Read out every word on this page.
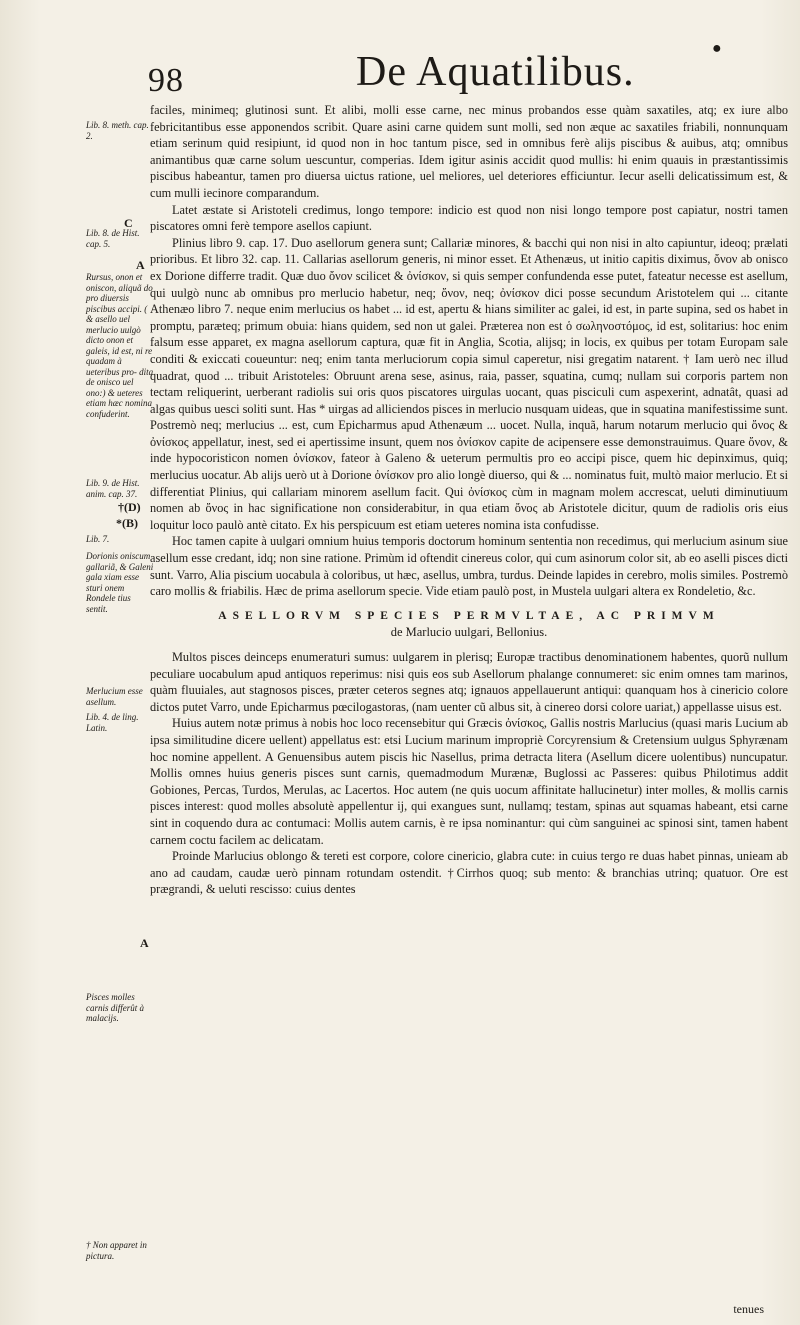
98	De Aquatilibus.
●
Lib. 8. meth. cap. 2.
Lib. 8. de Hist. cap. 5.
Rursus, onon et oniscon, aliquã do pro diuersis piscibus accipi. ( & asello uel merlucio uulgò dicto onon et galeis, id est, ni re quadam à ueteribus pro- dita de onisco uel ono:) & ueteres etiam hæc nomina confuderint.
Lib. 9. de Hist. anim. cap. 37.
Lib. 7.
Dorionis oniscum gallariã, & Galeni gala xiam esse sturi onem Rondele tius sentit.
Merlucium esse asellum.
Lib. 4. de ling. Latin.
Pisces molles carnis differût à malacijs.
† Non apparet in pictura.
C
A
†(D)
*(B)
A

faciles, minimeq; glutinosi sunt. Et alibi, molli esse carne, nec minus probandos esse quàm saxatiles, atq; ex iure albo febricitantibus esse apponendos scribit. Quare asini carne quidem sunt molli, sed non æque ac saxatiles friabili, nonnunquam etiam serinum quid resipiunt, id quod non in hoc tantum pisce, sed in omnibus ferè alijs piscibus & auibus, atq; omnibus animantibus quæ carne solum uescuntur, comperias. Idem igitur asinis accidit quod mullis: hi enim quauis in præstantissimis piscibus habeantur, tamen pro diuersa uictus ratione, uel meliores, uel deteriores efficiuntur. Iecur aselli delicatissimum est, & cum mulli iecinore comparandum.

Latet æstate si Aristoteli credimus, longo tempore: indicio est quod non nisi longo tempore post capiatur, nostri tamen piscatores omni ferè tempore asellos capiunt.

Plinius libro 9. cap. 17. Duo asellorum genera sunt; Callariæ minores, & bacchi qui non nisi in alto capiuntur, ideoq; prælati prioribus. Et libro 32. cap. 11. Callarias asellorum generis, ni minor esset. Et Athenæus, ut initio capitis diximus, ὄνον ab onisco ex Dorione differre tradit. Quæ duo ὄνον scilicet & ὀνίσκον, si quis semper confundenda esse putet, fateatur necesse est asellum, qui uulgò nunc ab omnibus pro merlucio habetur, neq; ὄνον, neq; ὀνίσκον dici posse secundum Aristotelem qui ... citante Athenæo libro 7. neque enim merlucius os habet ... id est, apertu & hians similiter ac galei, id est, in parte supina, sed os habet in promptu, paræteq; primum obuia: hians quidem, sed non ut galei. Præterea non est ὁ σωληνοστόμος, id est, solitarius: hoc enim falsum esse apparet, ex magna asellorum captura, quæ fit in Anglia, Scotia, alijsq; in locis, ex quibus per totam Europam sale conditi & exiccati coueuntur: neq; enim tanta merluciorum copia simul caperetur, nisi gregatim natarent. † Iam uerò nec illud quadrat, quod ... tribuit Aristoteles: Obruunt arena sese, asinus, raia, passer, squatina, cumq; nullam sui corporis partem non tectam reliquerint, uerberant radiolis sui oris quos piscatores uirgulas uocant, quas pisciculi cum aspexerint, adnatât, quasi ad algas quibus uesci soliti sunt. Has * uirgas ad alliciendos pisces in merlucio nusquam uideas, que in squatina manifestissime sunt. Postremò neq; merlucius ... est, cum Epicharmus apud Athenæum ... uocet. Nulla, inquã, harum notarum merlucio qui ὄνος & ὀνίσκος appellatur, inest, sed ei apertissime insunt, quem nos ὀνίσκον capite de acipensere esse demonstrauimus. Quare ὄνον, & inde hypocoristicon nomen ὀνίσκον, fateor à Galeno & ueterum permultis pro eo accipi pisce, quem hic depinximus, quiq; merlucius uocatur. Ab alijs uerò ut à Dorione ὀνίσκον pro alio longè diuerso, qui & ... nominatus fuit, multò maior merlucio. Et si differentiat Plinius, qui callariam minorem asellum facit. Qui ὀνίσκος cùm in magnam molem accrescat, ueluti diminutiuum nomen ab ὄνος in hac significatione non considerabitur, in qua etiam ὄνος ab Aristotele dicitur, quum de radiolis oris eius loquitur loco paulò antè citato. Ex his perspicuum est etiam ueteres nomina ista confudisse.

Hoc tamen capite à uulgari omnium huius temporis doctorum hominum sententia non recedimus, qui merlucium asinum siue asellum esse credant, idq; non sine ratione. Primùm id oftendit cinereus color, qui cum asinorum color sit, ab eo aselli pisces dicti sunt. Varro, Alia piscium uocabula à coloribus, ut hæc, asellus, umbra, turdus. Deinde lapides in cerebro, molis similes. Postremò caro mollis & friabilis. Hæc de prima asellorum specie. Vide etiam paulò post, in Mustela uulgari altera ex Rondeletio, &c.

ASELLORVM SPECIES PERMVLTAE, AC PRIMVM
de Marlucio uulgari, Bellonius.

Multos pisces deinceps enumeraturi sumus: uulgarem in plerisq; Europæ tractibus denominationem habentes, quorũ nullum peculiare uocabulum apud antiquos reperimus: nisi quis eos sub Asellorum phalange connumeret: sic enim omnes tam marinos, quàm fluuiales, aut stagnosos pisces, præter ceteros segnes atq; ignauos appellauerunt antiqui: quanquam hos à cinericio colore dictos putet Varro, unde Epicharmus pœcilogastoras, (nam uenter cũ albus sit, à cinereo dorsi colore uariat,) appellasse uisus est.

Huius autem notæ primus à nobis hoc loco recensebitur qui Græcis ὀνίσκος, Gallis nostris Marlucius (quasi maris Lucium ab ipsa similitudine dicere uellent) appellatus est: etsi Lucium marinum impropriè Corcyrensium & Cretensium uulgus Sphyrænam hoc nomine appellent. A Genuensibus autem piscis hic Nasellus, prima detracta litera (Asellum dicere uolentibus) nuncupatur. Mollis omnes huius generis pisces sunt carnis, quemadmodum Murænæ, Buglossi ac Passeres: quibus Philotimus addit Gobiones, Percas, Turdos, Merulas, ac Lacertos. Hoc autem (ne quis uocum affinitate hallucinetur) inter molles, & mollis carnis pisces interest: quod molles absolutè appellentur ij, qui exangues sunt, nullamq; testam, spinas aut squamas habeant, etsi carne sint in coquendo dura ac contumaci: Mollis autem carnis, è re ipsa nominantur: qui cùm sanguinei ac spinosi sint, tamen habent carnem coctu facilem ac delicatam.

Proinde Marlucius oblongo & tereti est corpore, colore cinericio, glabra cute: in cuius tergo re duas habet pinnas, unieam ab ano ad caudam, caudæ uerò pinnam rotundam ostendit. †Cirrhos quoq; sub mento: & branchias utrinq; quatuor. Ore est prægrandi, & ueluti rescisso: cuius dentes

tenues
